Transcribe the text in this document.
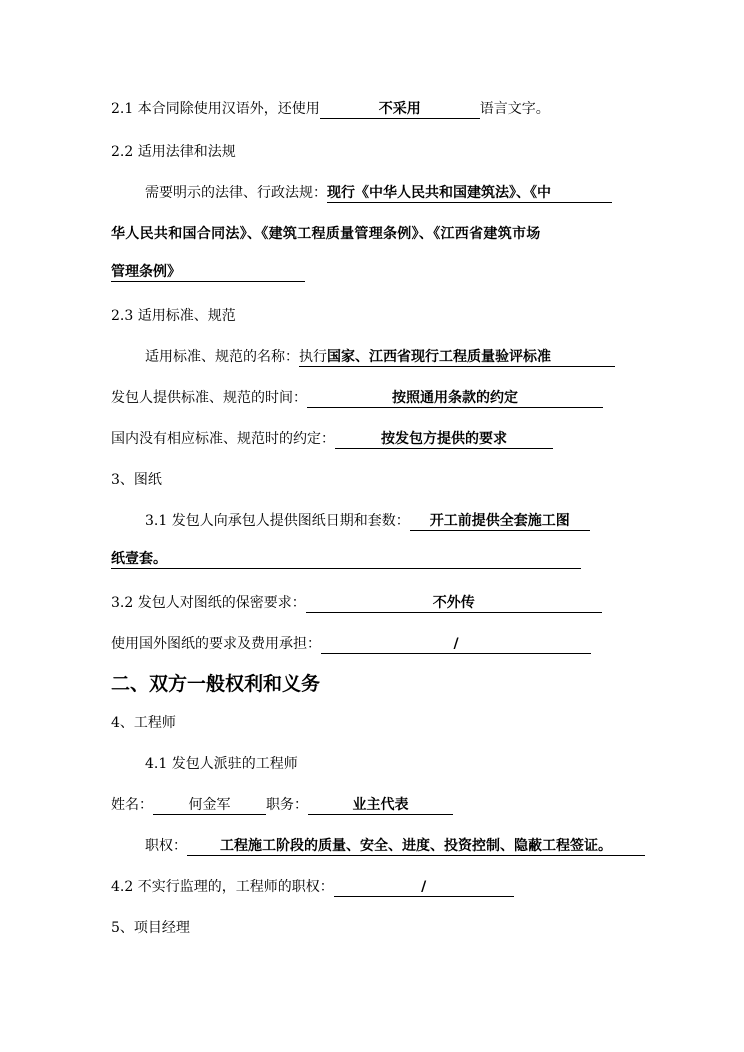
2.1 本合同除使用汉语外，还使用	不采用	语言文字。
2.2 适用法律和法规
需要明示的法律、行政法规：现行《中华人民共和国建筑法》、《中
华人民共和国合同法》、《建筑工程质量管理条例》、《江西省建筑市场
管理条例》
2.3 适用标准、规范
适用标准、规范的名称：执行国家、江西省现行工程质量验评标准
发包人提供标准、规范的时间：	按照通用条款的约定
国内没有相应标准、规范时的约定：	按发包方提供的要求
3、图纸
3.1 发包人向承包人提供图纸日期和套数： 开工前提供全套施工图
纸壹套。
3.2 发包人对图纸的保密要求：	不外传
使用国外图纸的要求及费用承担：	/
二、双方一般权利和义务
4、工程师
4.1 发包人派驻的工程师
姓名：	何金军	职务：	业主代表
职权： 工程施工阶段的质量、安全、进度、投资控制、隐蔽工程签证。
4.2 不实行监理的，工程师的职权：	/
5、项目经理
